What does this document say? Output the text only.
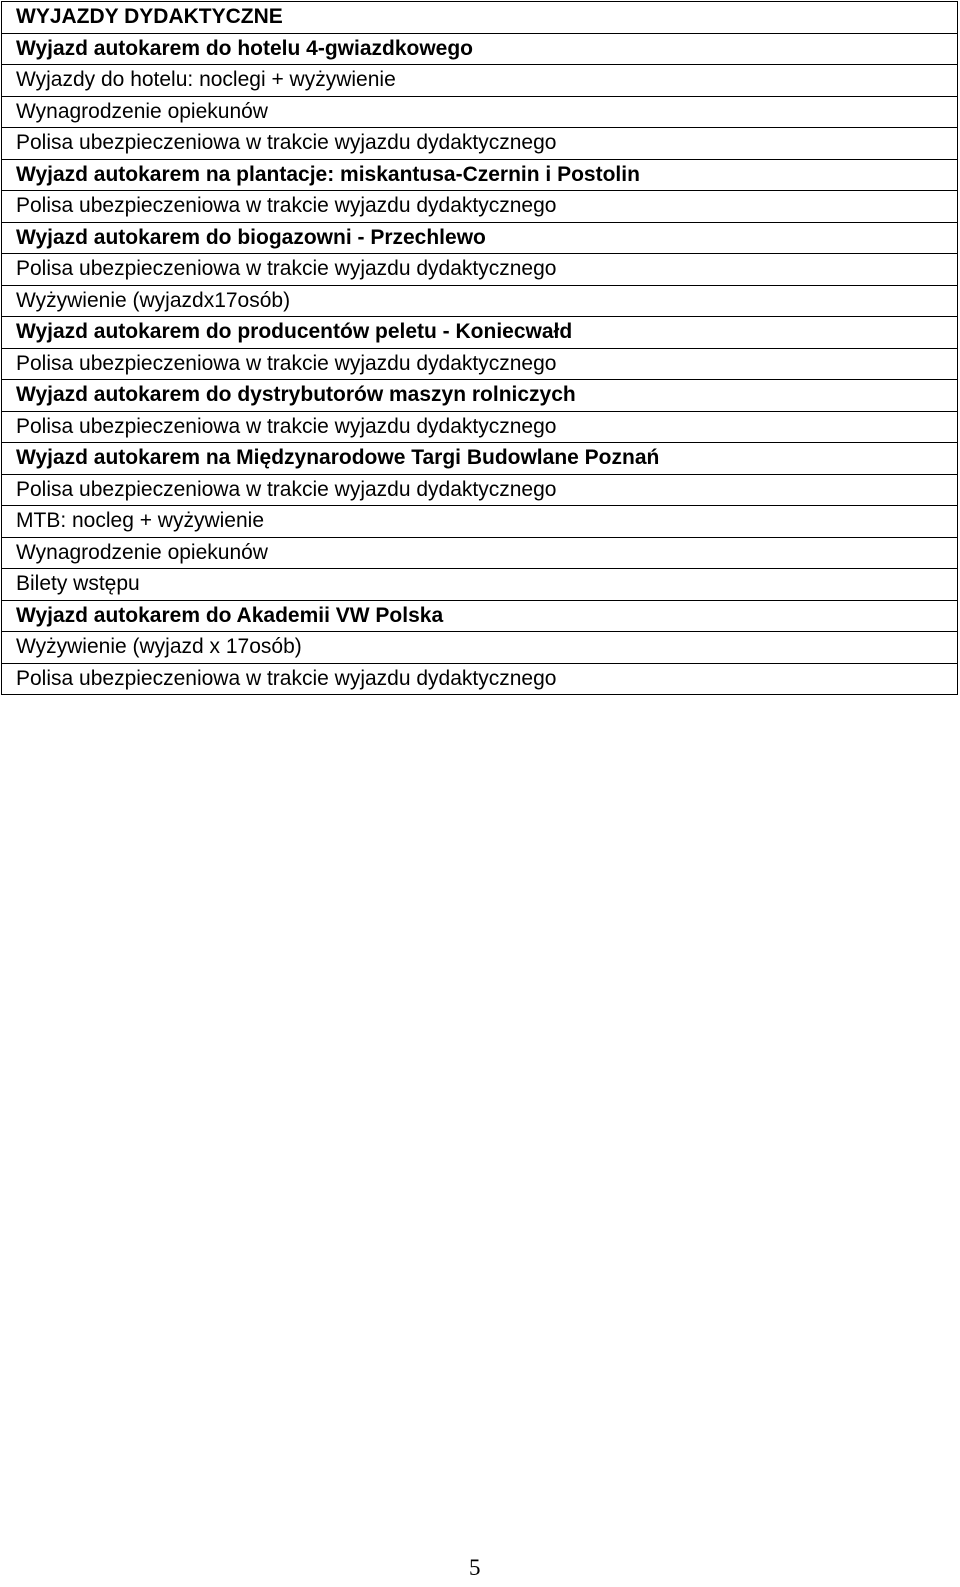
WYJAZDY DYDAKTYCZNE
Wyjazd autokarem do hotelu 4-gwiazdkowego
Wyjazdy do hotelu: noclegi + wyżywienie
Wynagrodzenie opiekunów
Polisa ubezpieczeniowa w trakcie wyjazdu dydaktycznego
Wyjazd autokarem na plantacje: miskantusa-Czernin i Postolin
Polisa ubezpieczeniowa w trakcie wyjazdu dydaktycznego
Wyjazd autokarem do biogazowni - Przechlewo
Polisa ubezpieczeniowa w trakcie wyjazdu dydaktycznego
Wyżywienie (wyjazdx17osób)
Wyjazd autokarem do producentów peletu - Koniecwałd
Polisa ubezpieczeniowa w trakcie wyjazdu dydaktycznego
Wyjazd autokarem do dystrybutorów maszyn rolniczych
Polisa ubezpieczeniowa w trakcie wyjazdu dydaktycznego
Wyjazd autokarem na Międzynarodowe Targi Budowlane Poznań
Polisa ubezpieczeniowa w trakcie wyjazdu dydaktycznego
MTB: nocleg + wyżywienie
Wynagrodzenie opiekunów
Bilety wstępu
Wyjazd autokarem do Akademii VW Polska
Wyżywienie (wyjazd x 17osób)
Polisa ubezpieczeniowa w trakcie wyjazdu dydaktycznego
5
